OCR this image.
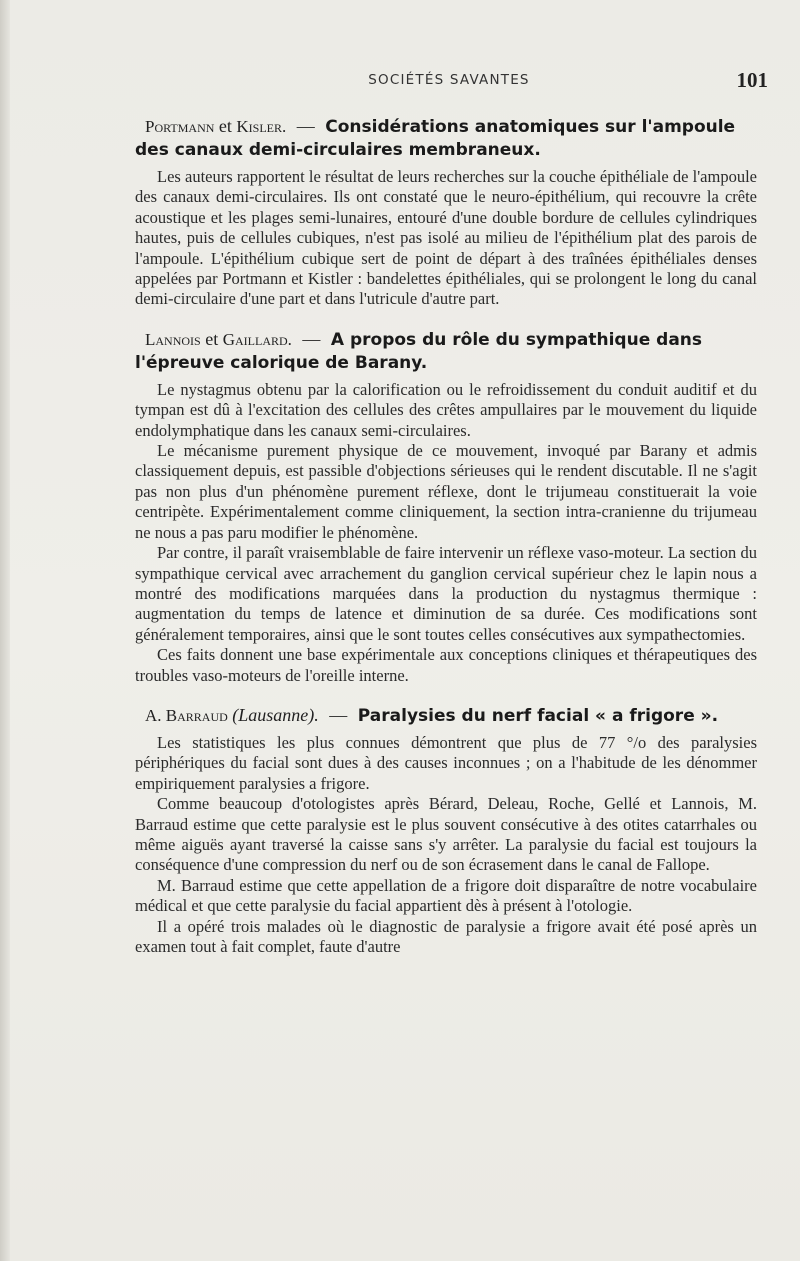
SOCIÉTÉS SAVANTES	101
Portmann et Kisler. — Considérations anatomiques sur l'ampoule des canaux demi-circulaires membraneux.

Les auteurs rapportent le résultat de leurs recherches sur la couche épithéliale de l'ampoule des canaux demi-circulaires. Ils ont constaté que le neuro-épithélium, qui recouvre la crête acoustique et les plages semi-lunaires, entouré d'une double bordure de cellules cylindriques hautes, puis de cellules cubiques, n'est pas isolé au milieu de l'épithélium plat des parois de l'ampoule. L'épithélium cubique sert de point de départ à des traînées épithéliales denses appelées par Portmann et Kistler : bandelettes épithéliales, qui se prolongent le long du canal demi-circulaire d'une part et dans l'utricule d'autre part.

Lannois et Gaillard. — A propos du rôle du sympathique dans l'épreuve calorique de Barany.

Le nystagmus obtenu par la calorification ou le refroidissement du conduit auditif et du tympan est dû à l'excitation des cellules des crêtes ampullaires par le mouvement du liquide endolymphatique dans les canaux semi-circulaires.

Le mécanisme purement physique de ce mouvement, invoqué par Barany et admis classiquement depuis, est passible d'objections sérieuses qui le rendent discutable. Il ne s'agit pas non plus d'un phénomène purement réflexe, dont le trijumeau constituerait la voie centripète. Expérimentalement comme cliniquement, la section intra-cranienne du trijumeau ne nous a pas paru modifier le phénomène.

Par contre, il paraît vraisemblable de faire intervenir un réflexe vaso-moteur. La section du sympathique cervical avec arrachement du ganglion cervical supérieur chez le lapin nous a montré des modifications marquées dans la production du nystagmus thermique : augmentation du temps de latence et diminution de sa durée. Ces modifications sont généralement temporaires, ainsi que le sont toutes celles consécutives aux sympathectomies.

Ces faits donnent une base expérimentale aux conceptions cliniques et thérapeutiques des troubles vaso-moteurs de l'oreille interne.

A. Barraud (Lausanne). — Paralysies du nerf facial « a frigore ».

Les statistiques les plus connues démontrent que plus de 77 °/o des paralysies périphériques du facial sont dues à des causes inconnues ; on a l'habitude de les dénommer empiriquement paralysies a frigore.

Comme beaucoup d'otologistes après Bérard, Deleau, Roche, Gellé et Lannois, M. Barraud estime que cette paralysie est le plus souvent consécutive à des otites catarrhales ou même aiguës ayant traversé la caisse sans s'y arrêter. La paralysie du facial est toujours la conséquence d'une compression du nerf ou de son écrasement dans le canal de Fallope.

M. Barraud estime que cette appellation de a frigore doit disparaître de notre vocabulaire médical et que cette paralysie du facial appartient dès à présent à l'otologie.

Il a opéré trois malades où le diagnostic de paralysie a frigore avait été posé après un examen tout à fait complet, faute d'autre
